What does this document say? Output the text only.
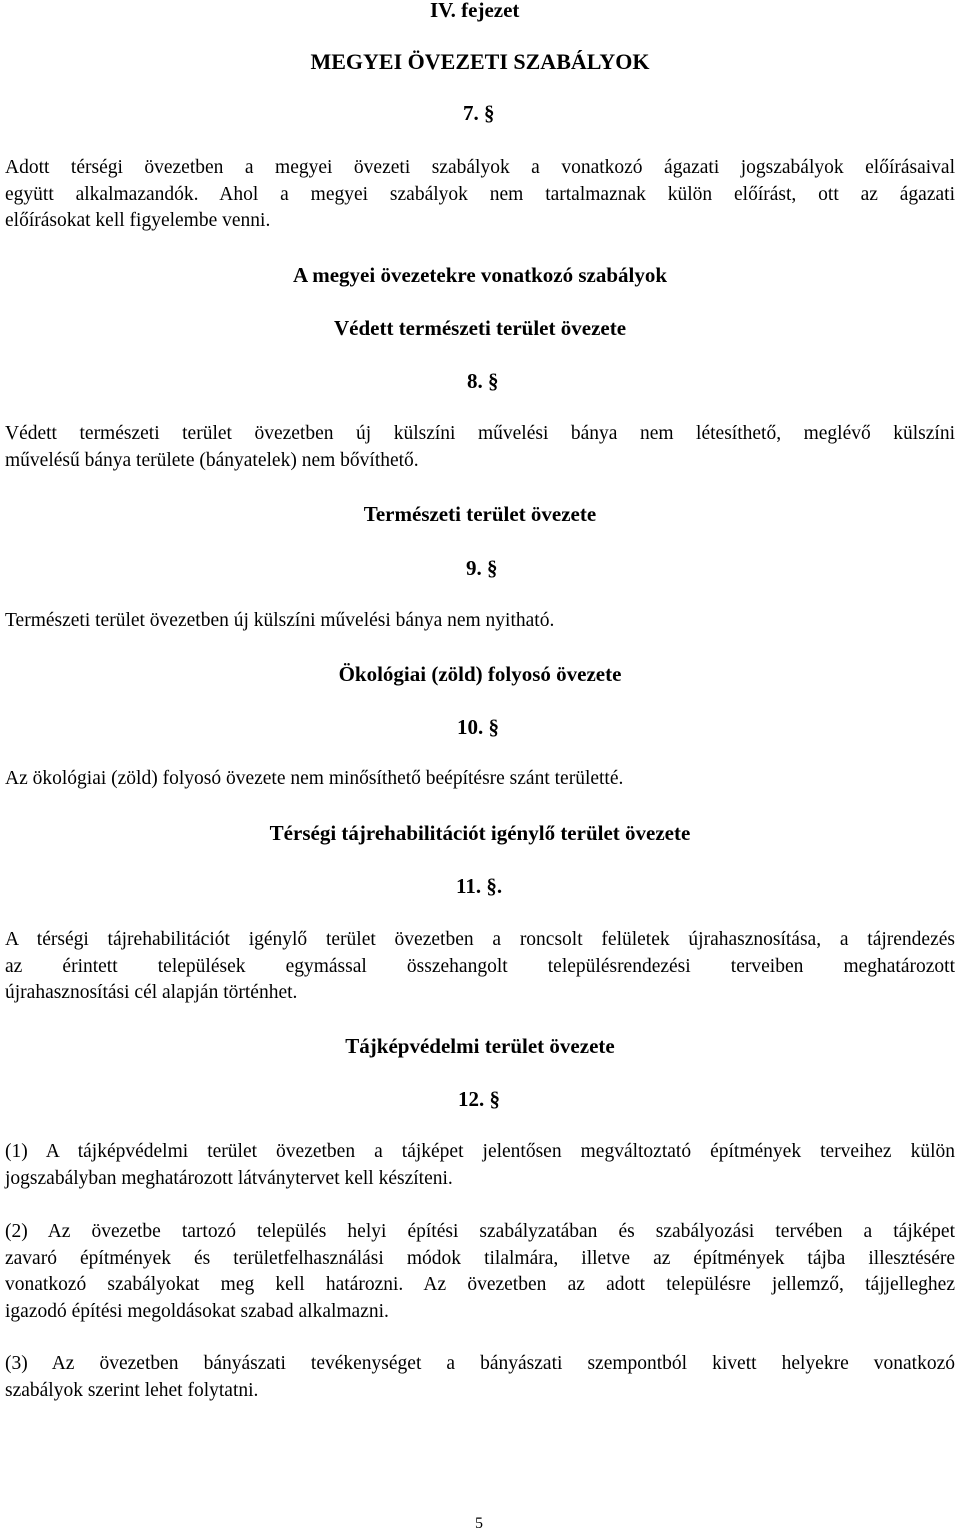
IV. fejezet

MEGYEI ÖVEZETI SZABÁLYOK

7. §

Adott térségi övezetben a megyei övezeti szabályok a vonatkozó ágazati jogszabályok előírásaival
együtt alkalmazandók. Ahol a megyei szabályok nem tartalmaznak külön előírást, ott az ágazati
előírásokat kell figyelembe venni.

A megyei övezetekre vonatkozó szabályok

Védett természeti terület övezete

8. §

Védett természeti terület övezetben új külszíni művelési bánya nem létesíthető, meglévő külszíni
művelésű bánya területe (bányatelek) nem bővíthető.

Természeti terület övezete

9. §

Természeti terület övezetben új külszíni művelési bánya nem nyitható.

Ökológiai (zöld) folyosó övezete

10. §

Az ökológiai (zöld) folyosó övezete nem minősíthető beépítésre szánt területté.

Térségi tájrehabilitációt igénylő terület övezete

11. §.

A térségi tájrehabilitációt igénylő terület övezetben a roncsolt felületek újrahasznosítása, a tájrendezés
az érintett települések egymással összehangolt településrendezési terveiben meghatározott
újrahasznosítási cél alapján történhet.

Tájképvédelmi terület övezete

12. §

(1) A tájképvédelmi terület övezetben a tájképet jelentősen megváltoztató építmények terveihez külön
jogszabályban meghatározott látványtervet kell készíteni.
(2) Az övezetbe tartozó település helyi építési szabályzatában és szabályozási tervében a tájképet
zavaró építmények és területfelhasználási módok tilalmára, illetve az építmények tájba illesztésére
vonatkozó szabályokat meg kell határozni. Az övezetben az adott településre jellemző, tájjelleghez
igazodó építési megoldásokat szabad alkalmazni.
(3) Az övezetben bányászati tevékenységet a bányászati szempontból kivett helyekre vonatkozó
szabályok szerint lehet folytatni.

5
